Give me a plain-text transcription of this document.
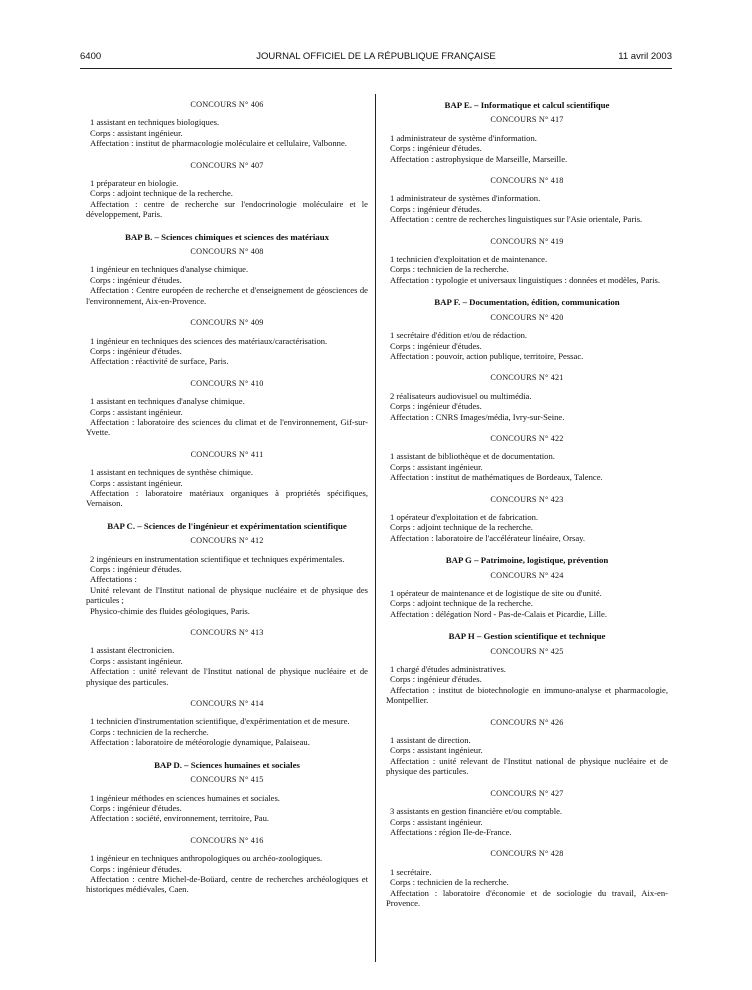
6400	JOURNAL OFFICIEL DE LA RÉPUBLIQUE FRANÇAISE	11 avril 2003
CONCOURS N° 406

1 assistant en techniques biologiques.

Corps : assistant ingénieur.

Affectation : institut de pharmacologie moléculaire et cellulaire, Valbonne.

CONCOURS N° 407

1 préparateur en biologie.

Corps : adjoint technique de la recherche.

Affectation : centre de recherche sur l'endocrinologie moléculaire et le développement, Paris.

BAP B. – Sciences chimiques et sciences des matériaux
CONCOURS N° 408

1 ingénieur en techniques d'analyse chimique.

Corps : ingénieur d'études.

Affectation : Centre européen de recherche et d'enseignement de géosciences de l'environnement, Aix-en-Provence.

CONCOURS N° 409

1 ingénieur en techniques des sciences des matériaux/caractérisation.

Corps : ingénieur d'études.

Affectation : réactivité de surface, Paris.

CONCOURS N° 410

1 assistant en techniques d'analyse chimique.

Corps : assistant ingénieur.

Affectation : laboratoire des sciences du climat et de l'environnement, Gif-sur-Yvette.

CONCOURS N° 411

1 assistant en techniques de synthèse chimique.

Corps : assistant ingénieur.

Affectation : laboratoire matériaux organiques à propriétés spécifiques, Vernaison.

BAP C. – Sciences de l'ingénieur et expérimentation scientifique
CONCOURS N° 412

2 ingénieurs en instrumentation scientifique et techniques expérimentales.

Corps : ingénieur d'études.

Affectations :

Unité relevant de l'Institut national de physique nucléaire et de physique des particules ;

Physico-chimie des fluides géologiques, Paris.

CONCOURS N° 413

1 assistant électronicien.

Corps : assistant ingénieur.

Affectation : unité relevant de l'Institut national de physique nucléaire et de physique des particules.

CONCOURS N° 414

1 technicien d'instrumentation scientifique, d'expérimentation et de mesure.

Corps : technicien de la recherche.

Affectation : laboratoire de météorologie dynamique, Palaiseau.

BAP D. – Sciences humaines et sociales
CONCOURS N° 415

1 ingénieur méthodes en sciences humaines et sociales.

Corps : ingénieur d'études.

Affectation : société, environnement, territoire, Pau.

CONCOURS N° 416

1 ingénieur en techniques anthropologiques ou archéo-zoologiques.

Corps : ingénieur d'études.

Affectation : centre Michel-de-Boüard, centre de recherches archéologiques et historiques médiévales, Caen.

BAP E. – Informatique et calcul scientifique
CONCOURS N° 417

1 administrateur de système d'information.

Corps : ingénieur d'études.

Affectation : astrophysique de Marseille, Marseille.

CONCOURS N° 418

1 administrateur de systèmes d'information.

Corps : ingénieur d'études.

Affectation : centre de recherches linguistiques sur l'Asie orientale, Paris.

CONCOURS N° 419

1 technicien d'exploitation et de maintenance.

Corps : technicien de la recherche.

Affectation : typologie et universaux linguistiques : données et modèles, Paris.

BAP F. – Documentation, édition, communication
CONCOURS N° 420

1 secrétaire d'édition et/ou de rédaction.

Corps : ingénieur d'études.

Affectation : pouvoir, action publique, territoire, Pessac.

CONCOURS N° 421

2 réalisateurs audiovisuel ou multimédia.

Corps : ingénieur d'études.

Affectation : CNRS Images/média, Ivry-sur-Seine.

CONCOURS N° 422

1 assistant de bibliothèque et de documentation.

Corps : assistant ingénieur.

Affectation : institut de mathématiques de Bordeaux, Talence.

CONCOURS N° 423

1 opérateur d'exploitation et de fabrication.

Corps : adjoint technique de la recherche.

Affectation : laboratoire de l'accélérateur linéaire, Orsay.

BAP G – Patrimoine, logistique, prévention
CONCOURS N° 424

1 opérateur de maintenance et de logistique de site ou d'unité.

Corps : adjoint technique de la recherche.

Affectation : délégation Nord - Pas-de-Calais et Picardie, Lille.

BAP H – Gestion scientifique et technique
CONCOURS N° 425

1 chargé d'études administratives.

Corps : ingénieur d'études.

Affectation : institut de biotechnologie en immuno-analyse et pharmacologie, Montpellier.

CONCOURS N° 426

1 assistant de direction.

Corps : assistant ingénieur.

Affectation : unité relevant de l'Institut national de physique nucléaire et de physique des particules.

CONCOURS N° 427

3 assistants en gestion financière et/ou comptable.

Corps : assistant ingénieur.

Affectations : région Ile-de-France.

CONCOURS N° 428

1 secrétaire.

Corps : technicien de la recherche.

Affectation : laboratoire d'économie et de sociologie du travail, Aix-en-Provence.
